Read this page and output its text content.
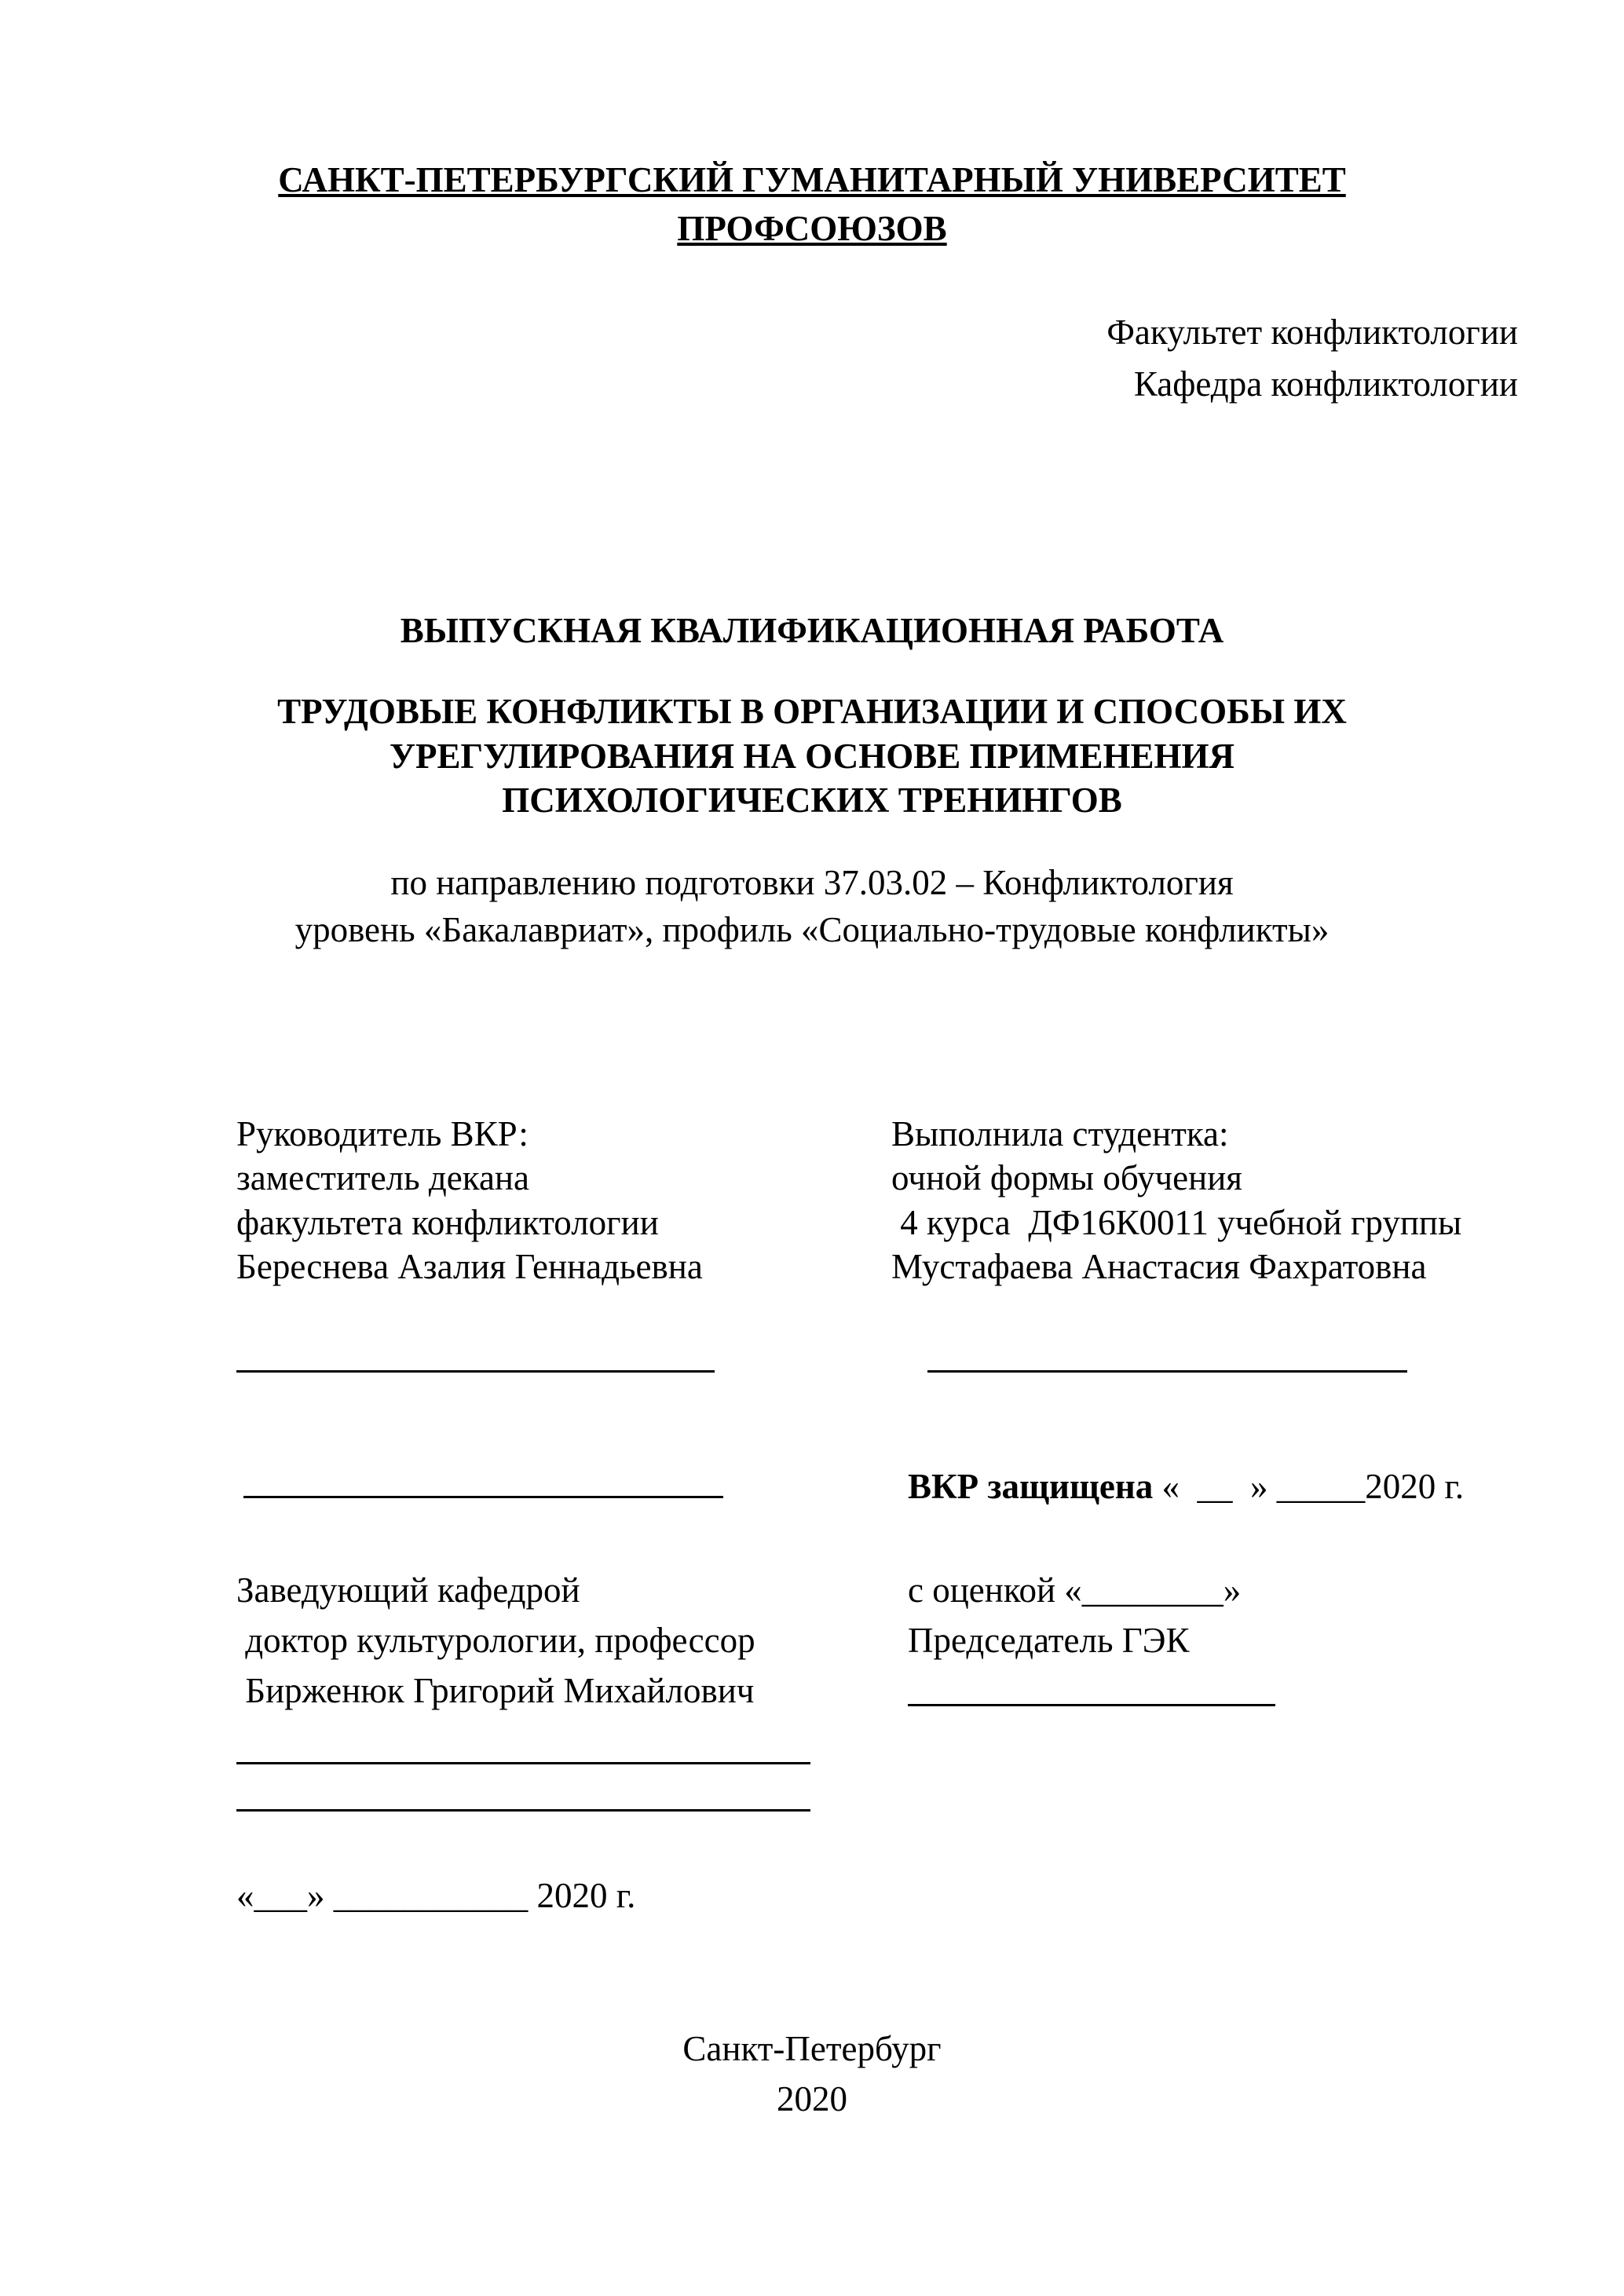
САНКТ-ПЕТЕРБУРГСКИЙ ГУМАНИТАРНЫЙ УНИВЕРСИТЕТ
ПРОФСОЮЗОВ
Факультет конфликтологии
Кафедра конфликтологии
ВЫПУСКНАЯ КВАЛИФИКАЦИОННАЯ РАБОТА
ТРУДОВЫЕ КОНФЛИКТЫ В ОРГАНИЗАЦИИ И СПОСОБЫ ИХ
УРЕГУЛИРОВАНИЯ НА ОСНОВЕ ПРИМЕНЕНИЯ
ПСИХОЛОГИЧЕСКИХ ТРЕНИНГОВ
по направлению подготовки 37.03.02 – Конфликтология
уровень «Бакалавриат», профиль «Социально-трудовые конфликты»
Руководитель ВКР:
заместитель декана
факультета конфликтологии
Береснева Азалия Геннадьевна
Выполнила студентка:
очной формы обучения
4 курса  ДФ16К0011 учебной группы
Мустафаева Анастасия Фахратовна
ВКР защищена «  __  » _____2020 г.
Заведующий кафедрой
доктор культурологии, профессор
Бирженюк Григорий Михайлович
с оценкой «________»
Председатель ГЭК
«___» ___________ 2020 г.
Санкт-Петербург
2020
